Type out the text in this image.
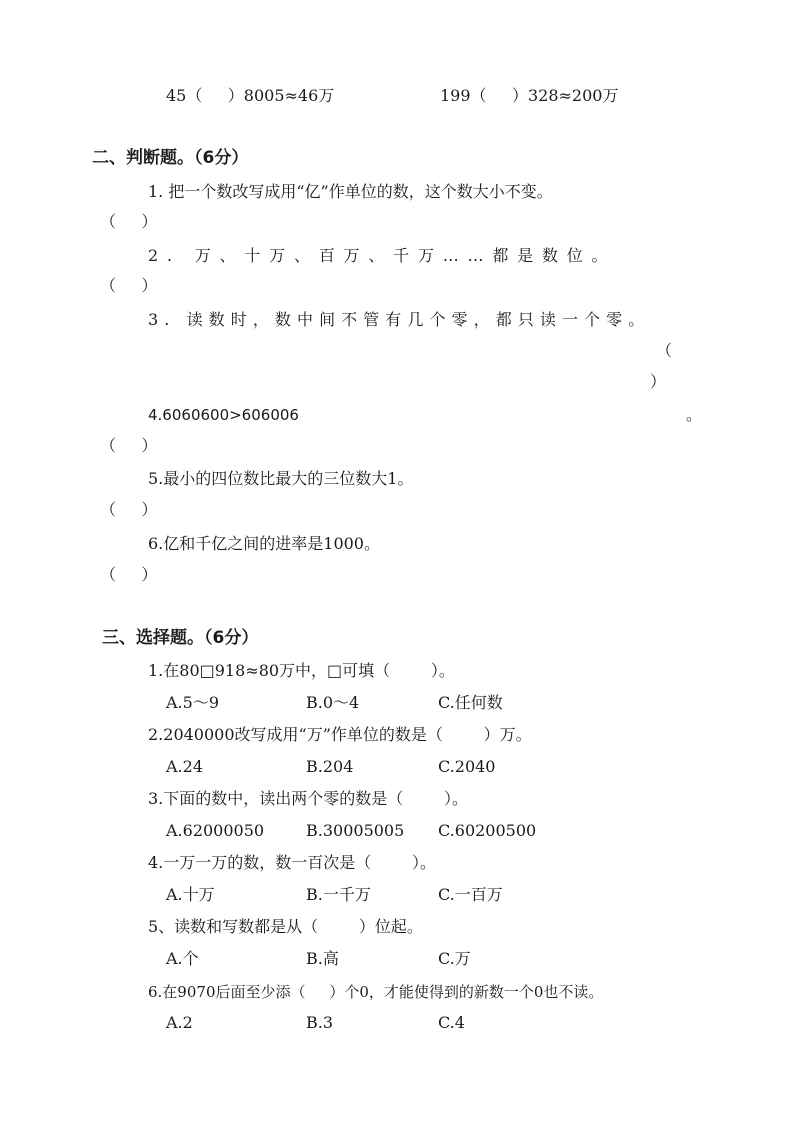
45（     ）8005≈46万	199（     ）328≈200万
二、判断题。（6分）
1. 把一个数改写成用“亿”作单位的数，这个数大小不变。
（     ）
2. 万、十万、百万、千万……都是数位。
（     ）
3. 读数时，数中间不管有几个零，都只读一个零。
（
）
4.6060600>606006	。
（     ）
5.最小的四位数比最大的三位数大1。
（     ）
6.亿和千亿之间的进率是1000。
（     ）
三、选择题。（6分）
1.在80□918≈80万中，□可填（        ）。
A.5～9	B.0～4	C.任何数
2.2040000改写成用“万”作单位的数是（        ）万。
A.24	B.204	C.2040
3.下面的数中，读出两个零的数是（        ）。
A.62000050	B.30005005 C.60200500
4.一万一万的数，数一百次是（        ）。
A.十万	B.一千万	C.一百万
5、读数和写数都是从（        ）位起。
A.个	B.高	C.万
6.在9070后面至少添（     ）个0，才能使得到的新数一个0也不读。
A.2	B.3	C.4
